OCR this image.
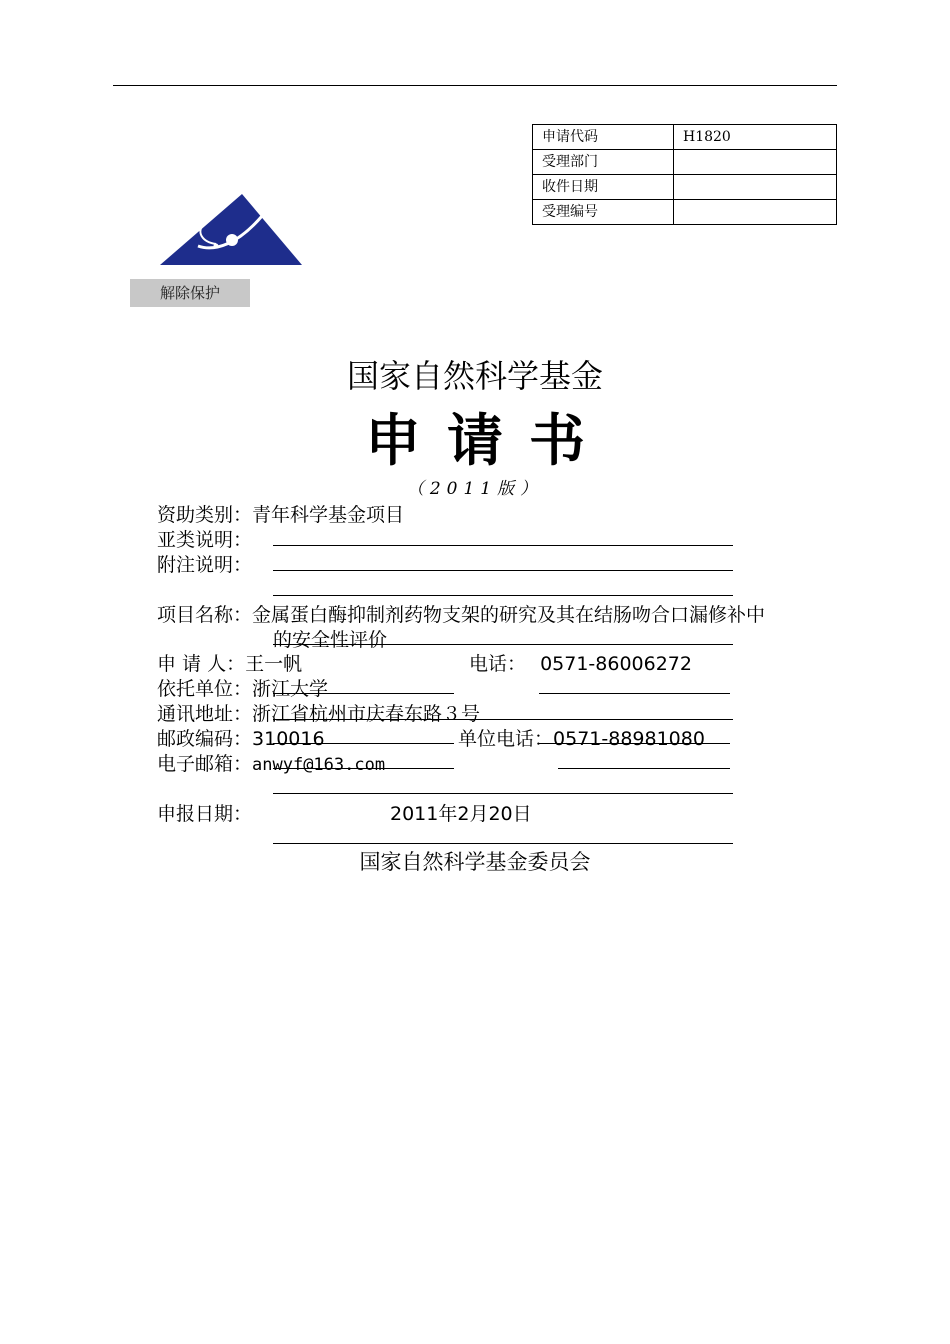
申请代码	H1820
受理部门	
收件日期	
受理编号	
解除保护
国家自然科学基金
申请书
（2011版）
资助类别：青年科学基金项目
亚类说明：
附注说明：
项目名称：金属蛋白酶抑制剂药物支架的研究及其在结肠吻合口漏修补中
的安全性评价
申 请 人：王一帆	电话： 0571-86006272
依托单位：浙江大学
通讯地址：浙江省杭州市庆春东路３号
邮政编码：310016	单位电话：0571-88981080
电子邮箱：anwyf@163.com
申报日期：	2011年2月20日
国家自然科学基金委员会
